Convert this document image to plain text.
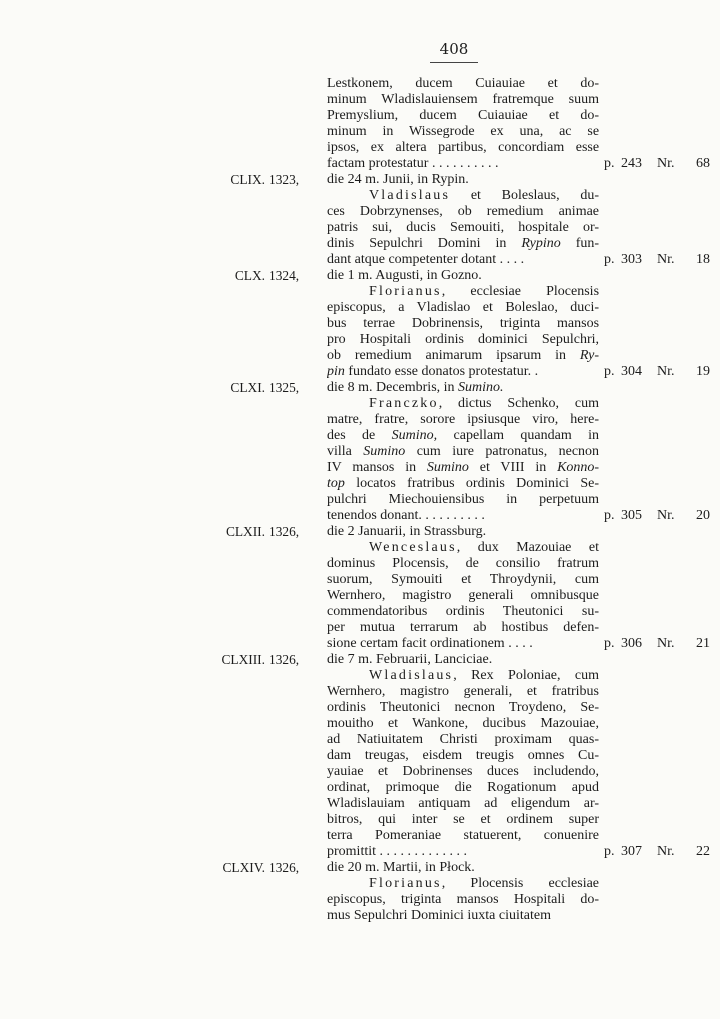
408
Lestkonem, ducem Cuiauiae et do-
minum Wladislauiensem fratremque suum
Premyslium, ducem Cuiauiae et do-
minum in Wissegrode ex una, ac se
ipsos, ex altera partibus, concordiam esse
factam protestatur . . . . . . . . . .	p. 243 Nr. 68
CLIX. 1323,	die 24 m. Junii, in Rypin.
Vladislaus et Boleslaus, du-
ces Dobrzynenses, ob remedium animae
patris sui, ducis Semouiti, hospitale or-
dinis Sepulchri Domini in Rypino fun-
dant atque competenter dotant . . . .	p. 303 Nr. 18
CLX. 1324,	die 1 m. Augusti, in Gozno.
Florianus, ecclesiae Plocensis
episcopus, a Vladislao et Boleslao, duci-
bus terrae Dobrinensis, triginta mansos
pro Hospitali ordinis dominici Sepulchri,
ob remedium animarum ipsarum in Ry-
pin fundato esse donatos protestatur. .	p. 304 Nr. 19
CLXI. 1325,	die 8 m. Decembris, in Sumino.
Franczko, dictus Schenko, cum
matre, fratre, sorore ipsiusque viro, here-
des de Sumino, capellam quandam in
villa Sumino cum iure patronatus, necnon
IV mansos in Sumino et VIII in Konno-
top locatos fratribus ordinis Dominici Se-
pulchri Miechouiensibus in perpetuum
tenendos donant. . . . . . . . . .	p. 305 Nr. 20
CLXII. 1326,	die 2 Januarii, in Strassburg.
Wenceslaus, dux Mazouiae et
dominus Plocensis, de consilio fratrum
suorum, Symouiti et Throydynii, cum
Wernhero, magistro generali omnibusque
commendatoribus ordinis Theutonici su-
per mutua terrarum ab hostibus defen-
sione certam facit ordinationem . . . .	p. 306 Nr. 21
CLXIII. 1326,	die 7 m. Februarii, Lanciciae.
Wladislaus, Rex Poloniae, cum
Wernhero, magistro generali, et fratribus
ordinis Theutonici necnon Troydeno, Se-
mouitho et Wankone, ducibus Mazouiae,
ad Natiuitatem Christi proximam quas-
dam treugas, eisdem treugis omnes Cu-
yauiae et Dobrinenses duces includendo,
ordinat, primoque die Rogationum apud
Wladislauiam antiquam ad eligendum ar-
bitros, qui inter se et ordinem super
terra Pomeraniae statuerent, conuenire
promittit . . . . . . . . . . . . .	p. 307 Nr. 22
CLXIV. 1326,	die 20 m. Martii, in Płock.
Florianus, Plocensis ecclesiae
episcopus, triginta mansos Hospitali do-
mus Sepulchri Dominici iuxta ciuitatem
